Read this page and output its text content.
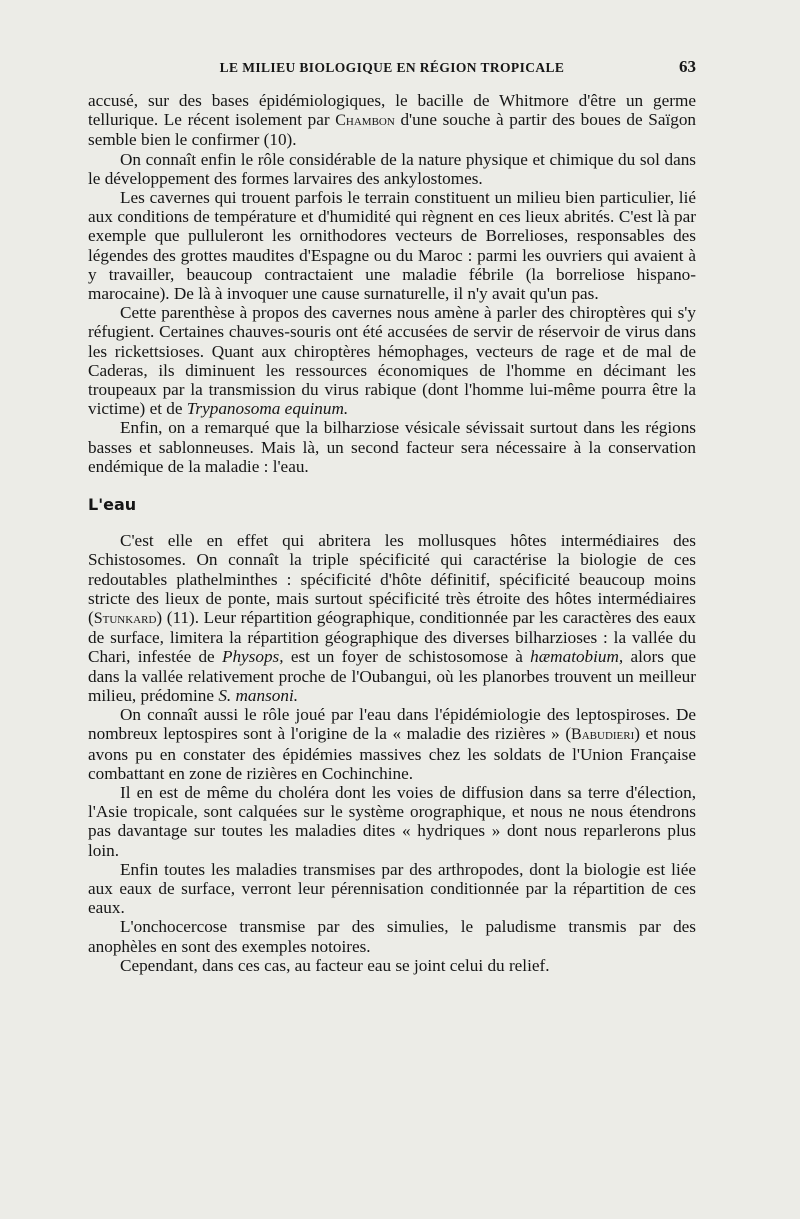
LE MILIEU BIOLOGIQUE EN RÉGION TROPICALE	63

accusé, sur des bases épidémiologiques, le bacille de Whitmore d'être un germe tellurique. Le récent isolement par Chambon d'une souche à partir des boues de Saïgon semble bien le confirmer (10).

On connaît enfin le rôle considérable de la nature physique et chimique du sol dans le développement des formes larvaires des ankylostomes.

Les cavernes qui trouent parfois le terrain constituent un milieu bien particulier, lié aux conditions de température et d'humidité qui règnent en ces lieux abrités. C'est là par exemple que pulluleront les ornithodores vecteurs de Borrelioses, responsables des légendes des grottes maudites d'Espagne ou du Maroc : parmi les ouvriers qui avaient à y travailler, beaucoup contractaient une maladie fébrile (la borreliose hispano-marocaine). De là à invoquer une cause surnaturelle, il n'y avait qu'un pas.

Cette parenthèse à propos des cavernes nous amène à parler des chiroptères qui s'y réfugient. Certaines chauves-souris ont été accusées de servir de réservoir de virus dans les rickettsioses. Quant aux chiroptères hémophages, vecteurs de rage et de mal de Caderas, ils diminuent les ressources économiques de l'homme en décimant les troupeaux par la transmission du virus rabique (dont l'homme lui-même pourra être la victime) et de Trypanosoma equinum.

Enfin, on a remarqué que la bilharziose vésicale sévissait surtout dans les régions basses et sablonneuses. Mais là, un second facteur sera nécessaire à la conservation endémique de la maladie : l'eau.

L'eau

C'est elle en effet qui abritera les mollusques hôtes intermédiaires des Schistosomes. On connaît la triple spécificité qui caractérise la biologie de ces redoutables plathelminthes : spécificité d'hôte définitif, spécificité beaucoup moins stricte des lieux de ponte, mais surtout spécificité très étroite des hôtes intermédiaires (Stunkard) (11). Leur répartition géographique, conditionnée par les caractères des eaux de surface, limitera la répartition géographique des diverses bilharzioses : la vallée du Chari, infestée de Physops, est un foyer de schistosomose à hæmatobium, alors que dans la vallée relativement proche de l'Oubangui, où les planorbes trouvent un meilleur milieu, prédomine S. mansoni.

On connaît aussi le rôle joué par l'eau dans l'épidémiologie des leptospiroses. De nombreux leptospires sont à l'origine de la « maladie des rizières » (Babudieri) et nous avons pu en constater des épidémies massives chez les soldats de l'Union Française combattant en zone de rizières en Cochinchine.

Il en est de même du choléra dont les voies de diffusion dans sa terre d'élection, l'Asie tropicale, sont calquées sur le système orographique, et nous ne nous étendrons pas davantage sur toutes les maladies dites « hydriques » dont nous reparlerons plus loin.

Enfin toutes les maladies transmises par des arthropodes, dont la biologie est liée aux eaux de surface, verront leur pérennisation conditionnée par la répartition de ces eaux.

L'onchocercose transmise par des simulies, le paludisme transmis par des anophèles en sont des exemples notoires.

Cependant, dans ces cas, au facteur eau se joint celui du relief.
